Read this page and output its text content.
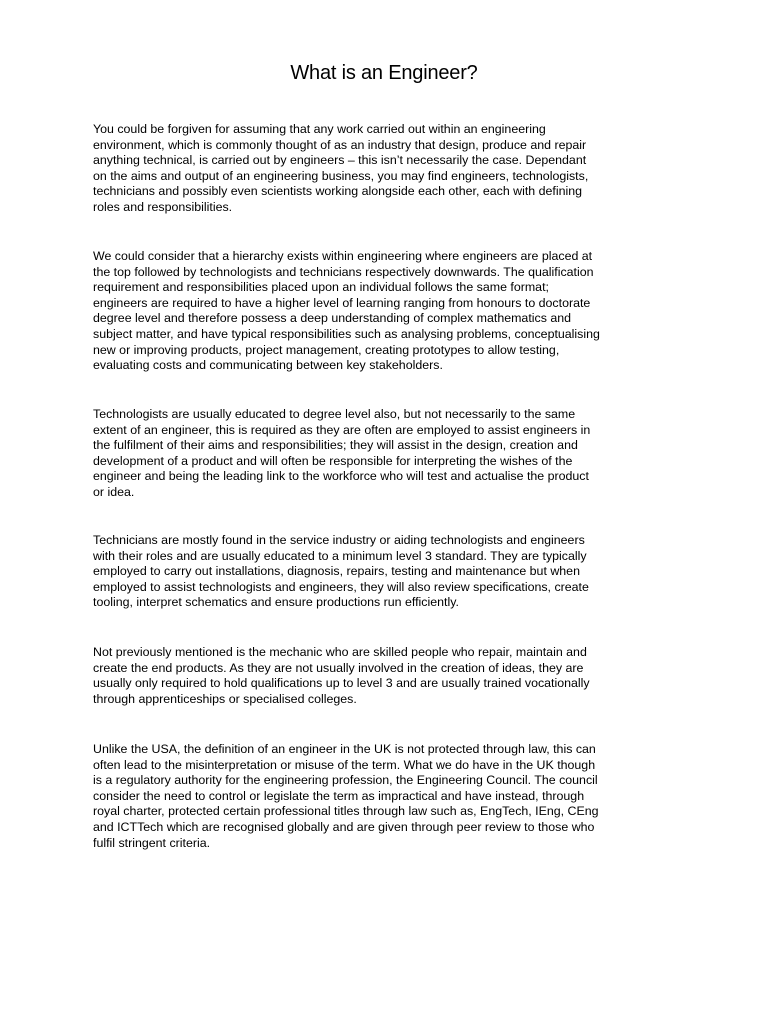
What is an Engineer?

You could be forgiven for assuming that any work carried out within an engineering
environment, which is commonly thought of as an industry that design, produce and repair
anything technical, is carried out by engineers – this isn’t necessarily the case. Dependant
on the aims and output of an engineering business, you may find engineers, technologists,
technicians and possibly even scientists working alongside each other, each with defining
roles and responsibilities.

We could consider that a hierarchy exists within engineering where engineers are placed at
the top followed by technologists and technicians respectively downwards. The qualification
requirement and responsibilities placed upon an individual follows the same format;
engineers are required to have a higher level of learning ranging from honours to doctorate
degree level and therefore possess a deep understanding of complex mathematics and
subject matter, and have typical responsibilities such as analysing problems, conceptualising
new or improving products, project management, creating prototypes to allow testing,
evaluating costs and communicating between key stakeholders.

Technologists are usually educated to degree level also, but not necessarily to the same
extent of an engineer, this is required as they are often are employed to assist engineers in
the fulfilment of their aims and responsibilities; they will assist in the design, creation and
development of a product and will often be responsible for interpreting the wishes of the
engineer and being the leading link to the workforce who will test and actualise the product
or idea.

Technicians are mostly found in the service industry or aiding technologists and engineers
with their roles and are usually educated to a minimum level 3 standard. They are typically
employed to carry out installations, diagnosis, repairs, testing and maintenance but when
employed to assist technologists and engineers, they will also review specifications, create
tooling, interpret schematics and ensure productions run efficiently.

Not previously mentioned is the mechanic who are skilled people who repair, maintain and
create the end products. As they are not usually involved in the creation of ideas, they are
usually only required to hold qualifications up to level 3 and are usually trained vocationally
through apprenticeships or specialised colleges.

Unlike the USA, the definition of an engineer in the UK is not protected through law, this can
often lead to the misinterpretation or misuse of the term. What we do have in the UK though
is a regulatory authority for the engineering profession, the Engineering Council. The council
consider the need to control or legislate the term as impractical and have instead, through
royal charter, protected certain professional titles through law such as, EngTech, IEng, CEng
and ICTTech which are recognised globally and are given through peer review to those who
fulfil stringent criteria.
